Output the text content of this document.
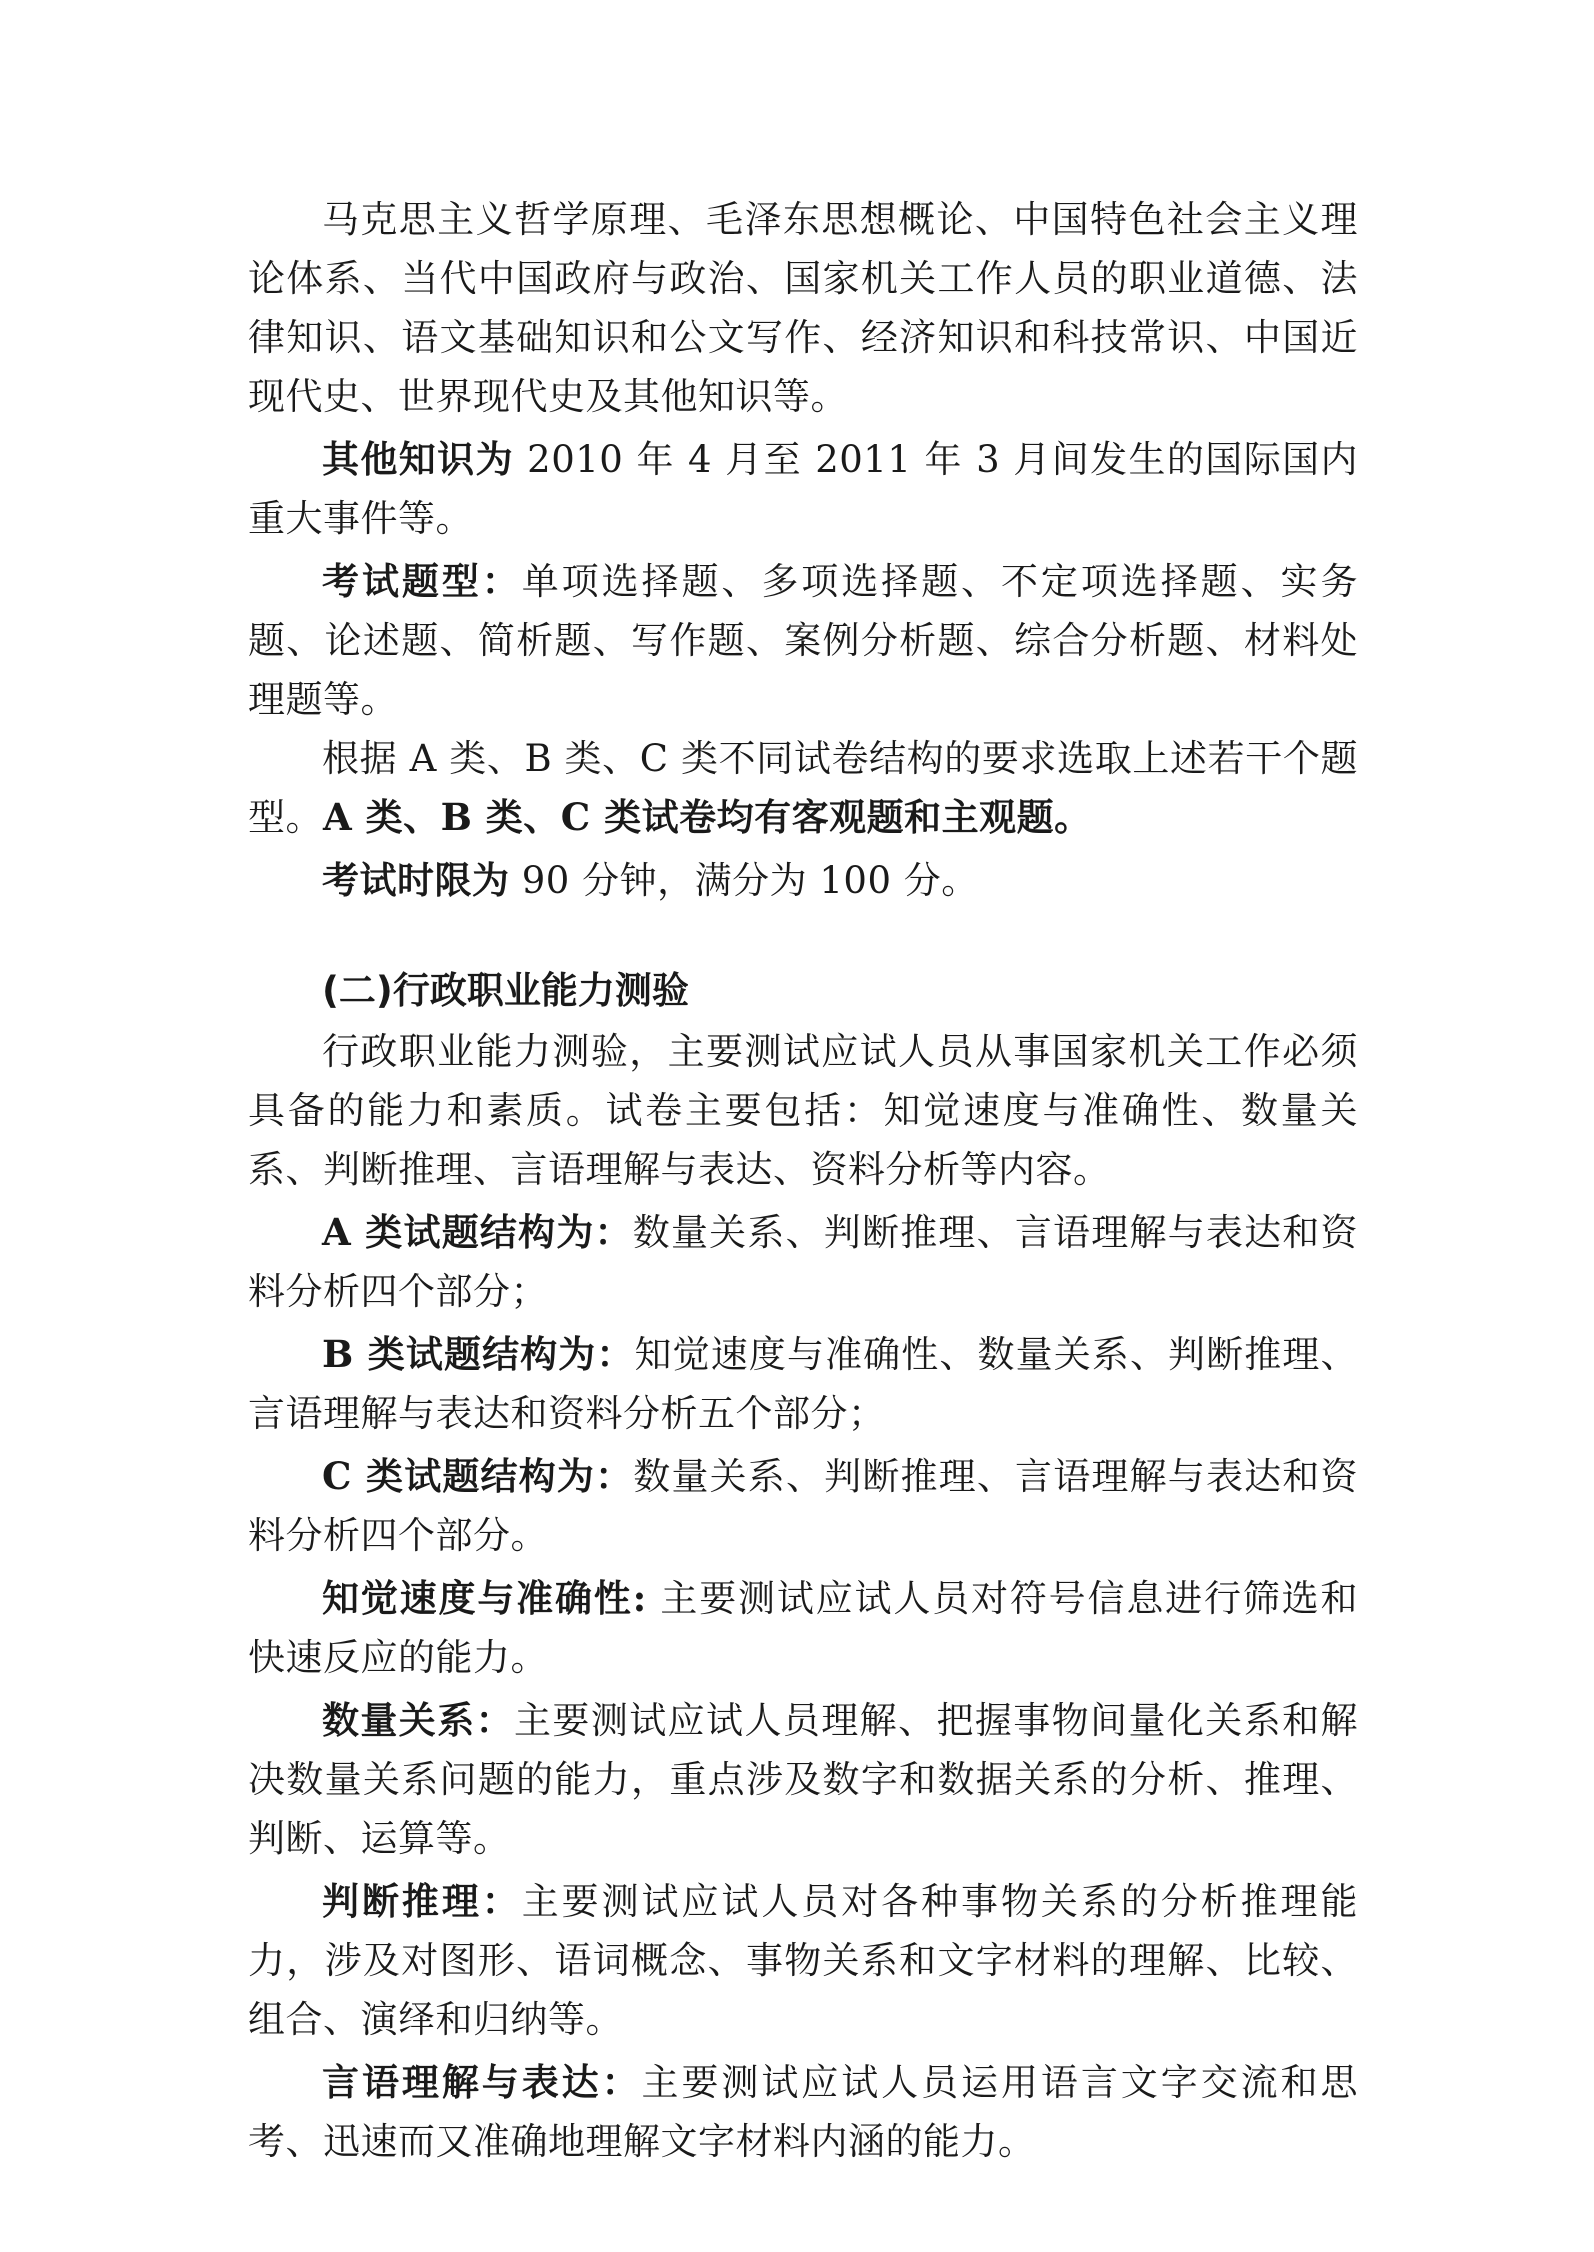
马克思主义哲学原理、毛泽东思想概论、中国特色社会主义理论体系、当代中国政府与政治、国家机关工作人员的职业道德、法律知识、语文基础知识和公文写作、经济知识和科技常识、中国近现代史、世界现代史及其他知识等。

其他知识为 2010 年 4 月至 2011 年 3 月间发生的国际国内重大事件等。

考试题型：单项选择题、多项选择题、不定项选择题、实务题、论述题、简析题、写作题、案例分析题、综合分析题、材料处理题等。

根据 A 类、B 类、C 类不同试卷结构的要求选取上述若干个题型。A 类、B 类、C 类试卷均有客观题和主观题。

考试时限为 90 分钟，满分为 100 分。

(二)行政职业能力测验

行政职业能力测验，主要测试应试人员从事国家机关工作必须具备的能力和素质。试卷主要包括：知觉速度与准确性、数量关系、判断推理、言语理解与表达、资料分析等内容。

A 类试题结构为：数量关系、判断推理、言语理解与表达和资料分析四个部分；

B 类试题结构为：知觉速度与准确性、数量关系、判断推理、言语理解与表达和资料分析五个部分；

C 类试题结构为：数量关系、判断推理、言语理解与表达和资料分析四个部分。

知觉速度与准确性: 主要测试应试人员对符号信息进行筛选和快速反应的能力。

数量关系：主要测试应试人员理解、把握事物间量化关系和解决数量关系问题的能力，重点涉及数字和数据关系的分析、推理、判断、运算等。

判断推理：主要测试应试人员对各种事物关系的分析推理能力，涉及对图形、语词概念、事物关系和文字材料的理解、比较、组合、演绎和归纳等。

言语理解与表达：主要测试应试人员运用语言文字交流和思考、迅速而又准确地理解文字材料内涵的能力。
